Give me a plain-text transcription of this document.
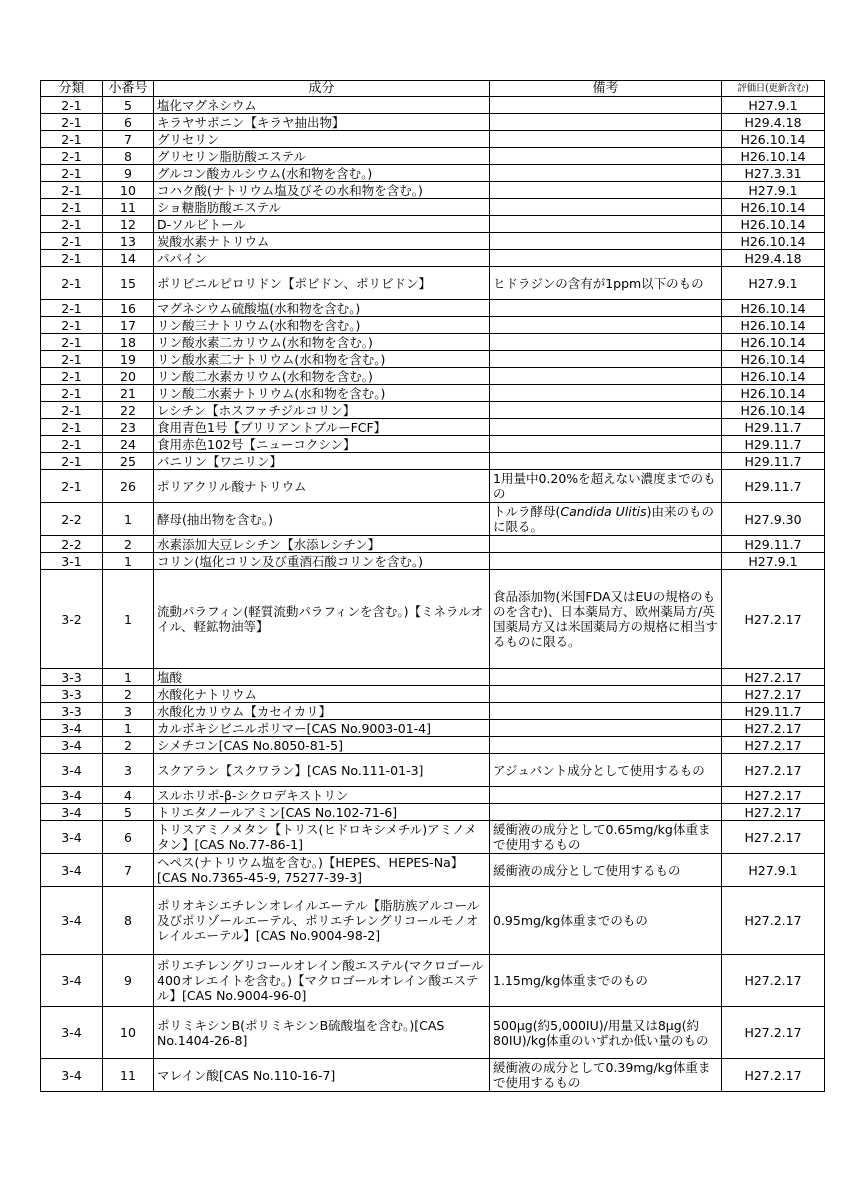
分類	小番号	成分	備考	評価日(更新含む)
2-1	5	塩化マグネシウム		H27.9.1
2-1	6	キラヤサポニン【キラヤ抽出物】		H29.4.18
2-1	7	グリセリン		H26.10.14
2-1	8	グリセリン脂肪酸エステル		H26.10.14
2-1	9	グルコン酸カルシウム(水和物を含む。)		H27.3.31
2-1	10	コハク酸(ナトリウム塩及びその水和物を含む。)		H27.9.1
2-1	11	ショ糖脂肪酸エステル		H26.10.14
2-1	12	D-ソルビトール		H26.10.14
2-1	13	炭酸水素ナトリウム		H26.10.14
2-1	14	パパイン		H29.4.18
2-1	15	ポリビニルピロリドン【ポビドン、ポリビドン】	ヒドラジンの含有が1ppm以下のもの	H27.9.1
2-1	16	マグネシウム硫酸塩(水和物を含む。)		H26.10.14
2-1	17	リン酸三ナトリウム(水和物を含む。)		H26.10.14
2-1	18	リン酸水素二カリウム(水和物を含む。)		H26.10.14
2-1	19	リン酸水素二ナトリウム(水和物を含む。)		H26.10.14
2-1	20	リン酸二水素カリウム(水和物を含む。)		H26.10.14
2-1	21	リン酸二水素ナトリウム(水和物を含む。)		H26.10.14
2-1	22	レシチン【ホスファチジルコリン】		H26.10.14
2-1	23	食用青色1号【ブリリアントブルーFCF】		H29.11.7
2-1	24	食用赤色102号【ニューコクシン】		H29.11.7
2-1	25	バニリン【ワニリン】		H29.11.7
2-1	26	ポリアクリル酸ナトリウム	1用量中0.20%を超えない濃度までのもの	H29.11.7
2-2	1	酵母(抽出物を含む。)	トルラ酵母(Candida Ulitis)由来のものに限る。	H27.9.30
2-2	2	水素添加大豆レシチン【水添レシチン】		H29.11.7
3-1	1	コリン(塩化コリン及び重酒石酸コリンを含む。)		H27.9.1
3-2	1	流動パラフィン(軽質流動パラフィンを含む。)【ミネラルオイル、軽鉱物油等】	食品添加物(米国FDA又はEUの規格のものを含む)、日本薬局方、欧州薬局方/英国薬局方又は米国薬局方の規格に相当するものに限る。	H27.2.17
3-3	1	塩酸		H27.2.17
3-3	2	水酸化ナトリウム		H27.2.17
3-3	3	水酸化カリウム【カセイカリ】		H29.11.7
3-4	1	カルボキシビニルポリマー[CAS No.9003-01-4]		H27.2.17
3-4	2	シメチコン[CAS No.8050-81-5]		H27.2.17
3-4	3	スクアラン【スクワラン】[CAS No.111-01-3]	アジュバント成分として使用するもの	H27.2.17
3-4	4	スルホリポ-β-シクロデキストリン		H27.2.17
3-4	5	トリエタノールアミン[CAS No.102-71-6]		H27.2.17
3-4	6	トリスアミノメタン【トリス(ヒドロキシメチル)アミノメタン】[CAS No.77-86-1]	緩衝液の成分として0.65mg/kg体重まで使用するもの	H27.2.17
3-4	7	ヘペス(ナトリウム塩を含む。)【HEPES、HEPES-Na】[CAS No.7365-45-9, 75277-39-3]	緩衝液の成分として使用するもの	H27.9.1
3-4	8	ポリオキシエチレンオレイルエーテル【脂肪族アルコール及びポリゾールエーテル、ポリエチレングリコールモノオレイルエーテル】[CAS No.9004-98-2]	0.95mg/kg体重までのもの	H27.2.17
3-4	9	ポリエチレングリコールオレイン酸エステル(マクロゴール400オレエイトを含む。)【マクロゴールオレイン酸エステル】[CAS No.9004-96-0]	1.15mg/kg体重までのもの	H27.2.17
3-4	10	ポリミキシンB(ポリミキシンB硫酸塩を含む。)[CAS No.1404-26-8]	500μg(約5,000IU)/用量又は8μg(約80IU)/kg体重のいずれか低い量のもの	H27.2.17
3-4	11	マレイン酸[CAS No.110-16-7]	緩衝液の成分として0.39mg/kg体重まで使用するもの	H27.2.17
